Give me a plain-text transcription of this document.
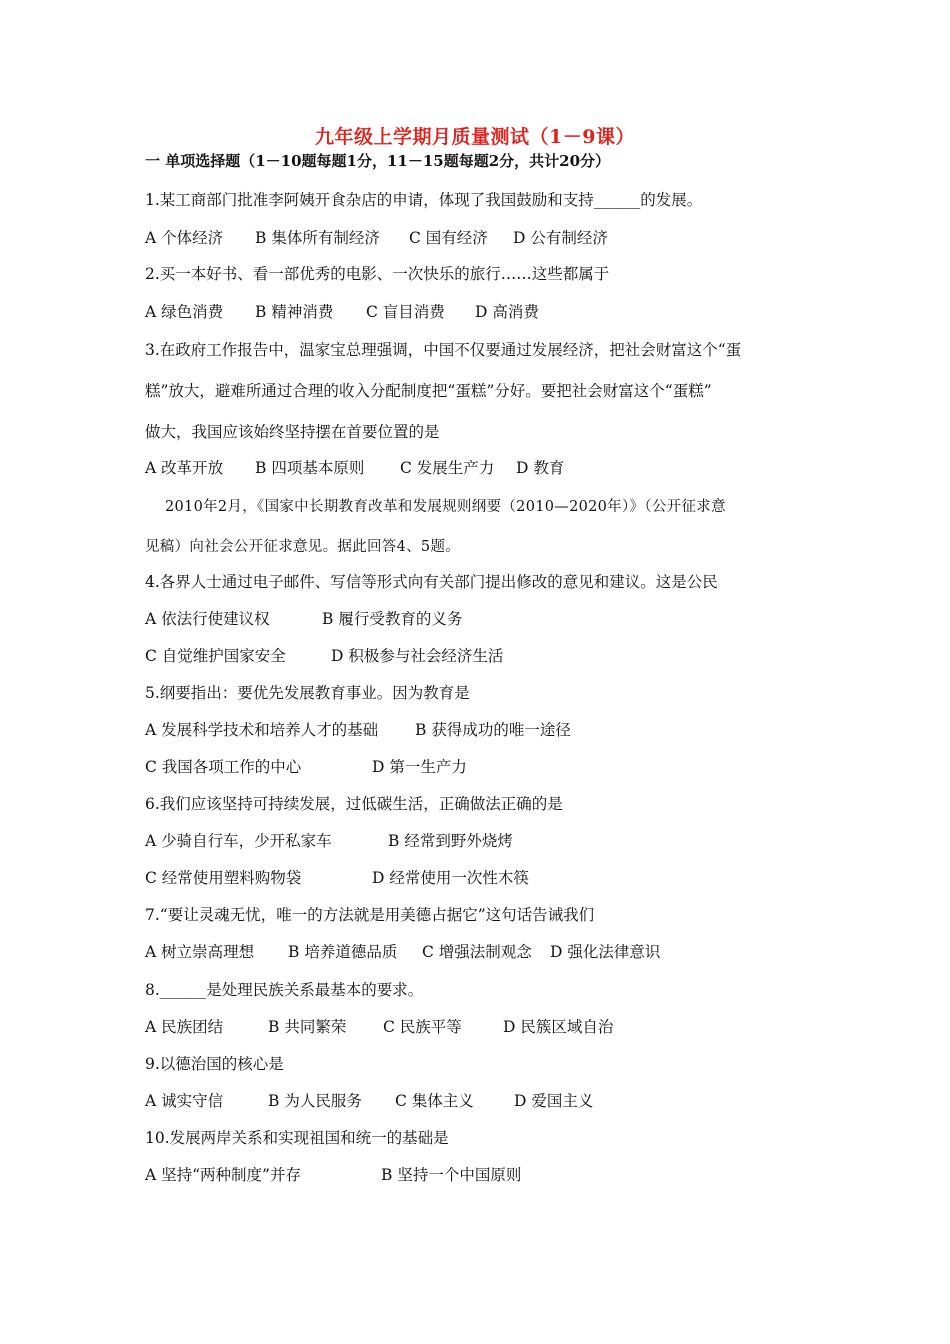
九年级上学期月质量测试（1－9课）
一 单项选择题（1－10题每题1分，11－15题每题2分，共计20分）
1.某工商部门批准李阿姨开食杂店的申请，体现了我国鼓励和支持______的发展。
A 个体经济 B 集体所有制经济 C 国有经济 D 公有制经济
2.买一本好书、看一部优秀的电影、一次快乐的旅行……这些都属于
A 绿色消费 B 精神消费 C 盲目消费 D 高消费
3.在政府工作报告中，温家宝总理强调，中国不仅要通过发展经济，把社会财富这个“蛋
糕”放大，避难所通过合理的收入分配制度把“蛋糕”分好。要把社会财富这个“蛋糕”
做大，我国应该始终坚持摆在首要位置的是
A 改革开放 B 四项基本原则 C 发展生产力 D 教育
2010年2月，《国家中长期教育改革和发展规则纲要（2010—2020年）》（公开征求意
见稿）向社会公开征求意见。据此回答4、5题。
4.各界人士通过电子邮件、写信等形式向有关部门提出修改的意见和建议。这是公民
A 依法行使建议权	B 履行受教育的义务
C 自觉维护国家安全	D 积极参与社会经济生活
5.纲要指出：要优先发展教育事业。因为教育是
A 发展科学技术和培养人才的基础 B 获得成功的唯一途径
C 我国各项工作的中心	D 第一生产力
6.我们应该坚持可持续发展，过低碳生活，正确做法正确的是
A 少骑自行车，少开私家车	B 经常到野外烧烤
C 经常使用塑料购物袋	D 经常使用一次性木筷
7.“要让灵魂无忧，唯一的方法就是用美德占据它”这句话告诫我们
A 树立崇高理想 B 培养道德品质 C 增强法制观念 D 强化法律意识
8.______是处理民族关系最基本的要求。
A 民族团结	B 共同繁荣 C 民族平等	D 民簇区域自治
9.以德治国的核心是
A 诚实守信	B 为人民服务 C 集体主义	D 爱国主义
10.发展两岸关系和实现祖国和统一的基础是
A 坚持“两种制度”并存	B 坚持一个中国原则
